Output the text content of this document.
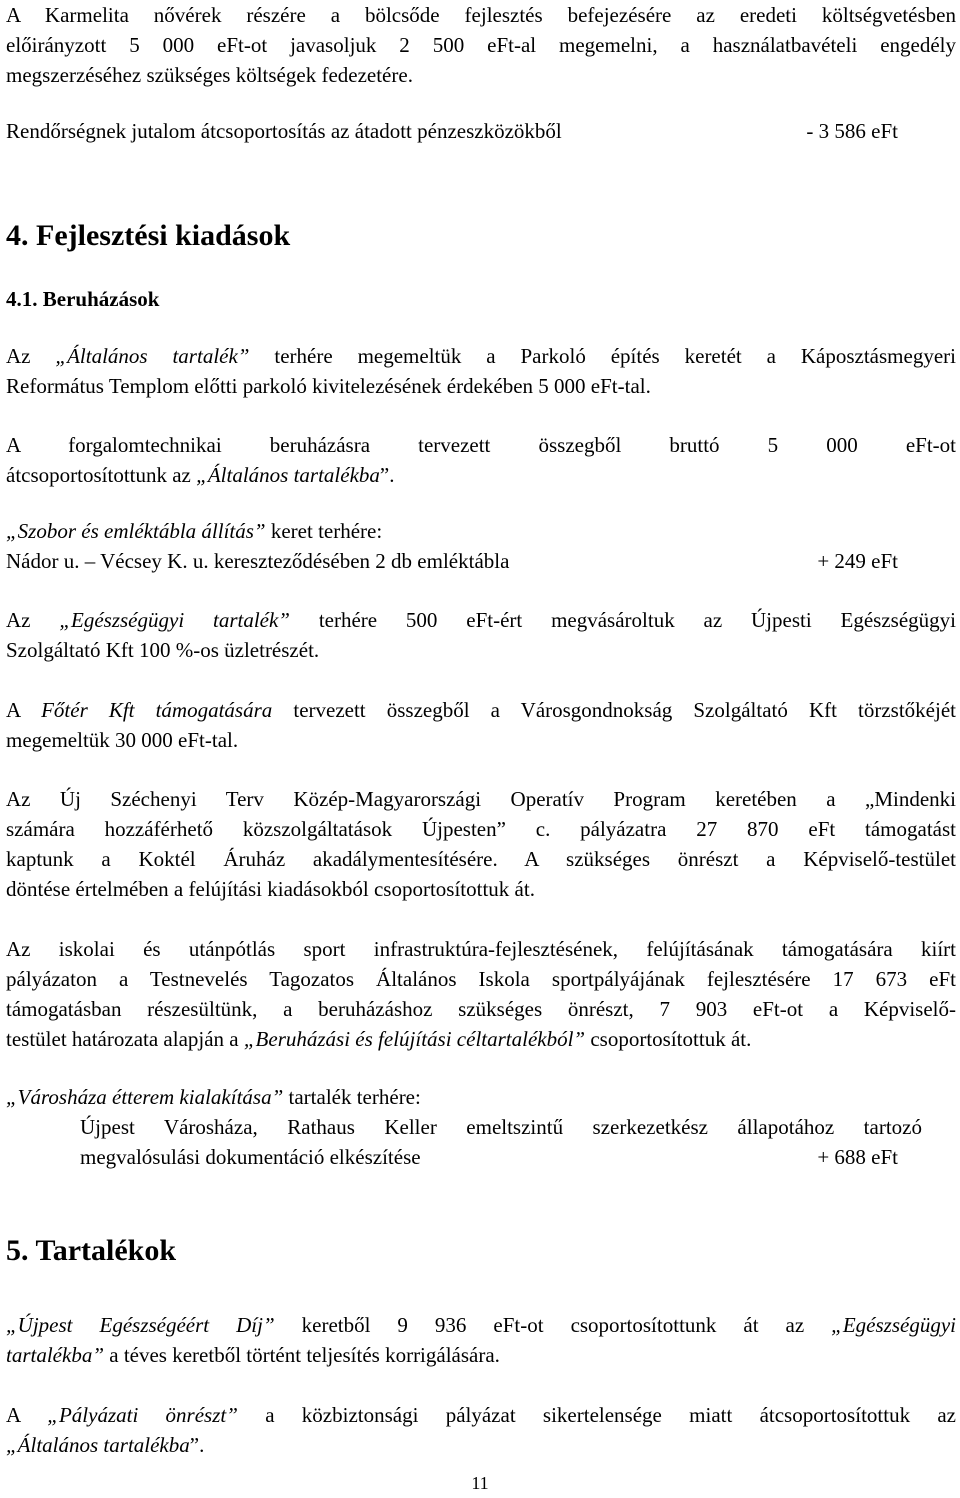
A Karmelita nővérek részére a bölcsőde fejlesztés befejezésére az eredeti költségvetésben
előirányzott 5 000 eFt-ot javasoljuk 2 500 eFt-al megemelni, a használatbavételi engedély
megszerzéséhez szükséges költségek fedezetére.
Rendőrségnek jutalom átcsoportosítás az átadott pénzeszközökből	- 3 586 eFt
4. Fejlesztési kiadások
4.1. Beruházások
Az „Általános tartalék” terhére megemeltük a Parkoló építés keretét a Káposztásmegyeri
Református Templom előtti parkoló kivitelezésének érdekében 5 000 eFt-tal.
A forgalomtechnikai beruházásra tervezett összegből bruttó 5 000 eFt-ot
átcsoportosítottunk az „Általános tartalékba”.
„Szobor és emléktábla állítás” keret terhére:
Nádor u. – Vécsey K. u. kereszteződésében 2 db emléktábla	+ 249 eFt
Az „Egészségügyi tartalék” terhére 500 eFt-ért megvásároltuk az Újpesti Egészségügyi
Szolgáltató Kft 100 %-os üzletrészét.
A Főtér Kft támogatására tervezett összegből a Városgondnokság Szolgáltató Kft törzstőkéjét
megemeltük 30 000 eFt-tal.
Az Új Széchenyi Terv Közép-Magyarországi Operatív Program keretében a „Mindenki
számára hozzáférhető közszolgáltatások Újpesten” c. pályázatra 27 870 eFt támogatást
kaptunk a Koktél Áruház akadálymentesítésére. A szükséges önrészt a Képviselő-testület
döntése értelmében a felújítási kiadásokból csoportosítottuk át.
Az iskolai és utánpótlás sport infrastruktúra-fejlesztésének, felújításának támogatására kiírt
pályázaton a Testnevelés Tagozatos Általános Iskola sportpályájának fejlesztésére 17 673 eFt
támogatásban részesültünk, a beruházáshoz szükséges önrészt, 7 903 eFt-ot a Képviselő-
testület határozata alapján a „Beruházási és felújítási céltartalékból” csoportosítottuk át.
„Városháza étterem kialakítása” tartalék terhére:
Újpest Városháza, Rathaus Keller emeltszintű szerkezetkész állapotához tartozó
megvalósulási dokumentáció elkészítése	+ 688 eFt
5. Tartalékok
„Újpest Egészségéért Díj” keretből 9 936 eFt-ot csoportosítottunk át az „Egészségügyi
tartalékba” a téves keretből történt teljesítés korrigálására.
A „Pályázati önrészt” a közbiztonsági pályázat sikertelensége miatt átcsoportosítottuk az
„Általános tartalékba”.
11
